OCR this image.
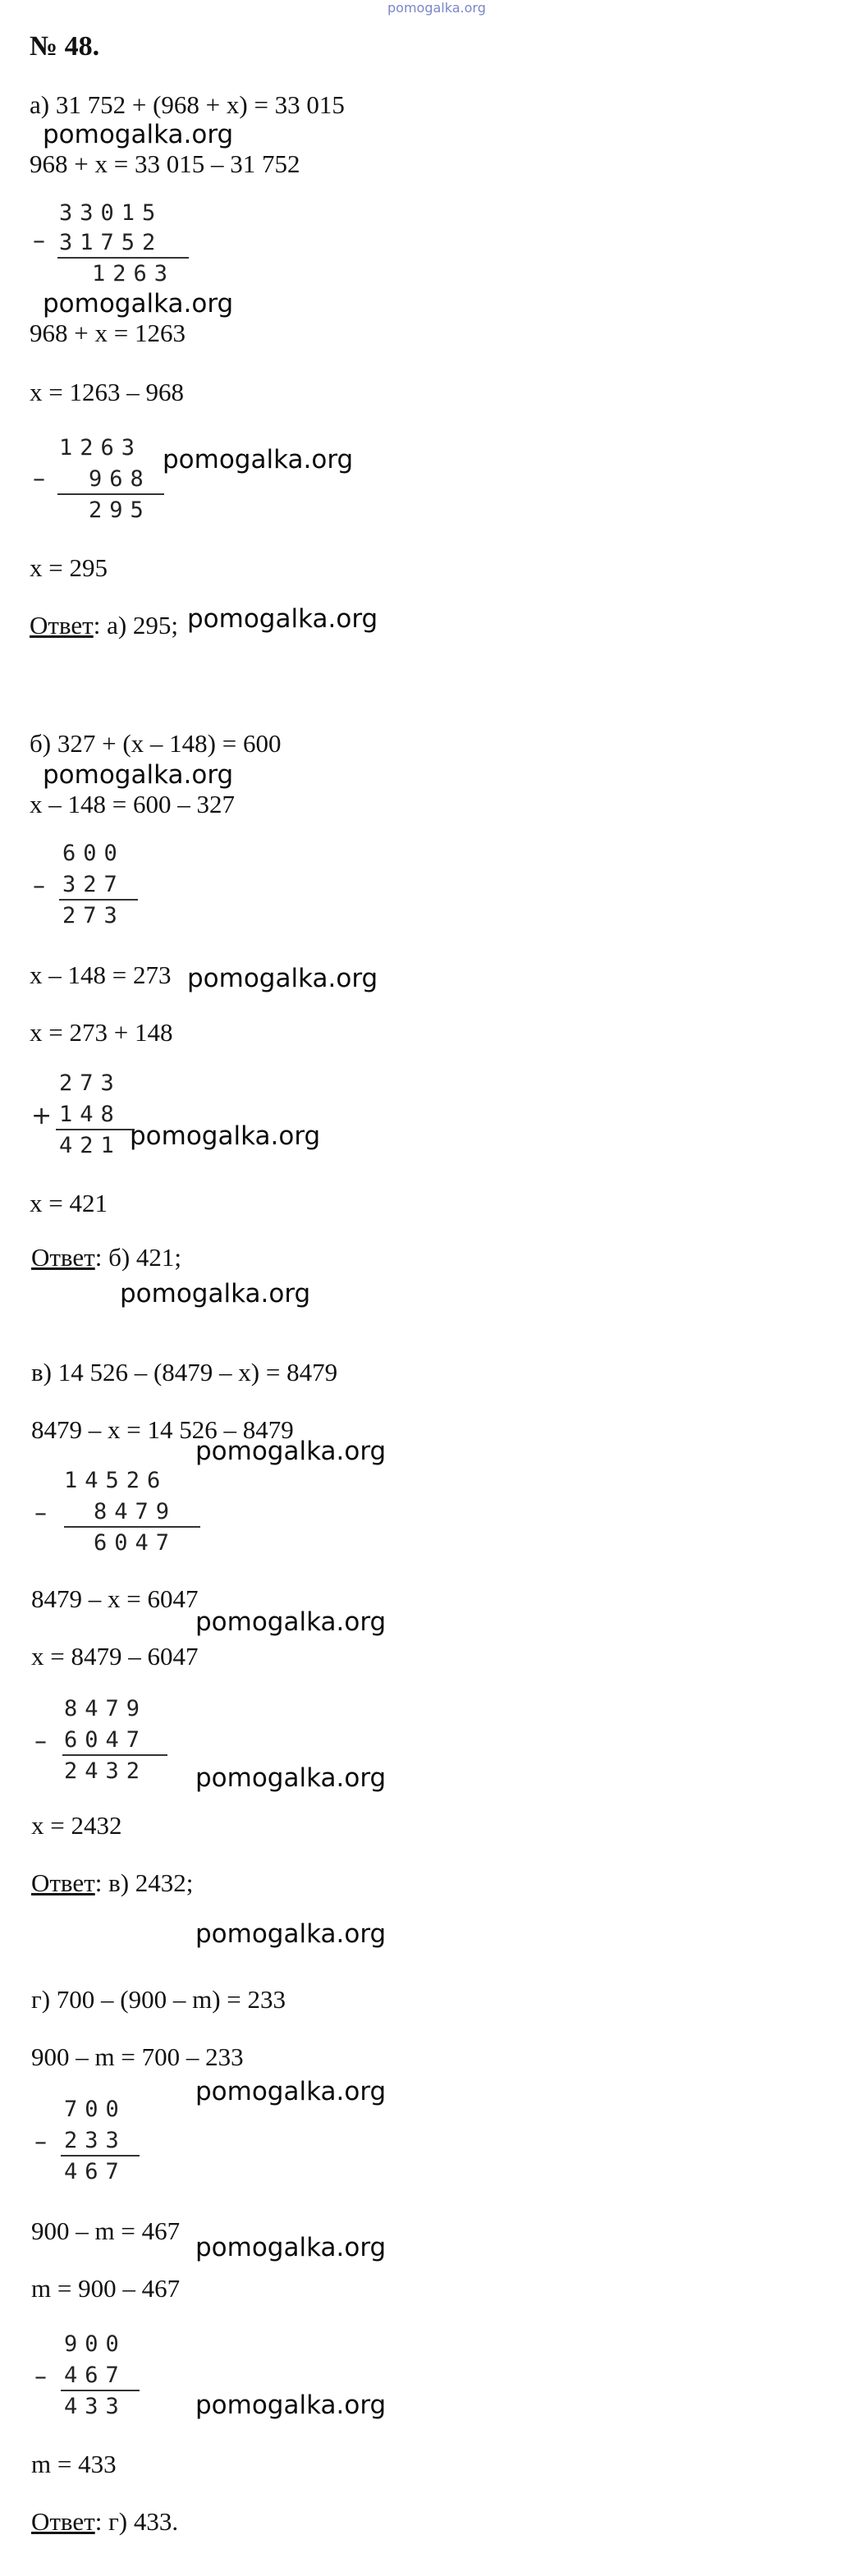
pomogalka.org
№ 48.
а) 31 752 + (968 + x) = 33 015
pomogalka.org
968 + x = 33 015 – 31 752
33015
– 31752
1263
pomogalka.org
968 + x = 1263
x = 1263 – 968
1263
– 968
295
pomogalka.org
x = 295
Ответ: а) 295; pomogalka.org
б) 327 + (x – 148) = 600
pomogalka.org
x – 148 = 600 – 327
600
– 327
273
x – 148 = 273 pomogalka.org
x = 273 + 148
273
+ 148
421 pomogalka.org
x = 421
Ответ: б) 421;
pomogalka.org
в) 14 526 – (8479 – x) = 8479
8479 – x = 14 526 – 8479
pomogalka.org
14526
– 8479
6047
8479 – x = 6047
pomogalka.org
x = 8479 – 6047
8479
– 6047
2432 pomogalka.org
x = 2432
Ответ: в) 2432;
pomogalka.org
г) 700 – (900 – m) = 233
900 – m = 700 – 233
pomogalka.org
700
– 233
467
900 – m = 467
pomogalka.org
m = 900 – 467
900
– 467
433	pomogalka.org
m = 433
Ответ: г) 433.
